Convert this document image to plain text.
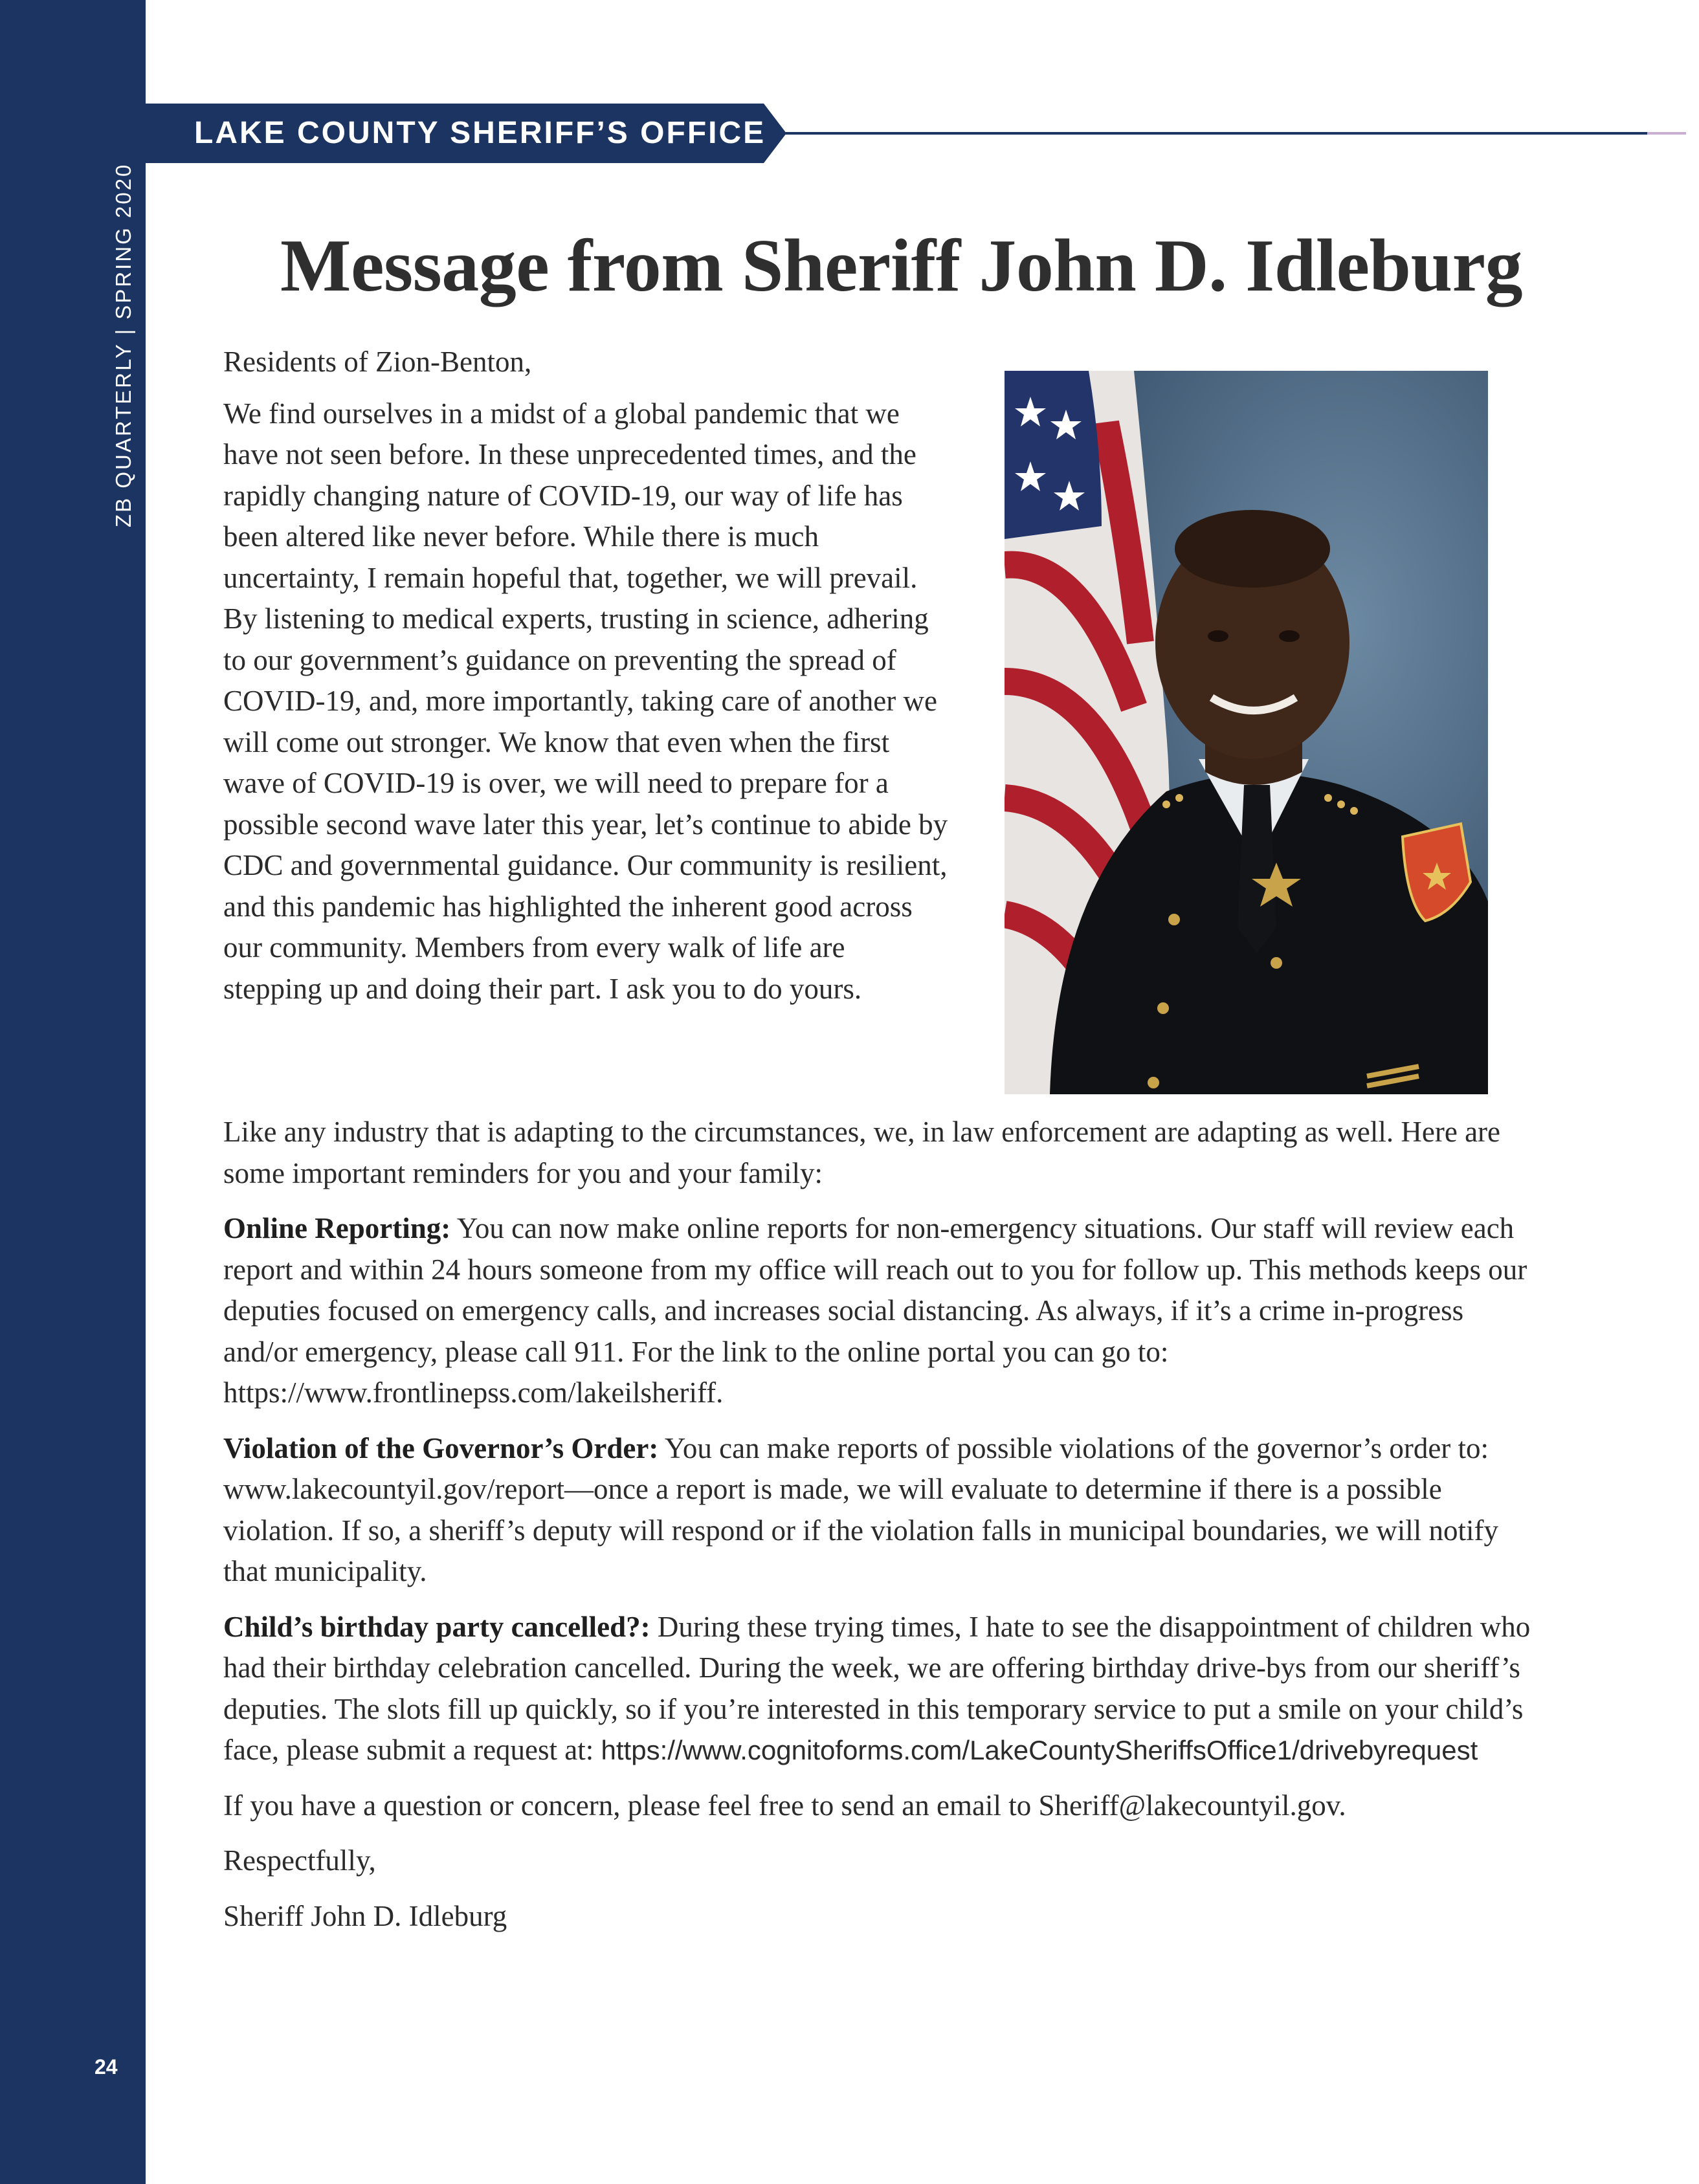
ZB QUARTERLY | SPRING 2020
24
LAKE COUNTY SHERIFF’S OFFICE
Message from Sheriff John D. Idleburg

Residents of Zion-Benton,

We find ourselves in a midst of a global pandemic that we have not seen before. In these unprecedented times, and the rapidly changing nature of COVID-19, our way of life has been altered like never before. While there is much uncertainty, I remain hopeful that, together, we will prevail. By listening to medical experts, trusting in science, adhering to our government’s guidance on preventing the spread of COVID-19, and, more importantly, taking care of another we will come out stronger. We know that even when the first wave of COVID-19 is over, we will need to prepare for a possible second wave later this year, let’s continue to abide by CDC and governmental guidance. Our community is resilient, and this pandemic has highlighted the inherent good across our community. Members from every walk of life are stepping up and doing their part. I ask you to do yours.

Like any industry that is adapting to the circumstances, we, in law enforcement are adapting as well. Here are some important reminders for you and your family:

Online Reporting: You can now make online reports for non-emergency situations. Our staff will review each report and within 24 hours someone from my office will reach out to you for follow up. This methods keeps our deputies focused on emergency calls, and increases social distancing. As always, if it’s a crime in-progress and/or emergency, please call 911. For the link to the online portal you can go to: https://www.frontlinepss.com/lakeilsheriff.

Violation of the Governor’s Order: You can make reports of possible violations of the governor’s order to: www.lakecountyil.gov/report—once a report is made, we will evaluate to determine if there is a possible violation. If so, a sheriff’s deputy will respond or if the violation falls in municipal boundaries, we will notify that municipality.

Child’s birthday party cancelled?: During these trying times, I hate to see the disappointment of children who had their birthday celebration cancelled. During the week, we are offering birthday drive-bys from our sheriff’s deputies. The slots fill up quickly, so if you’re interested in this temporary service to put a smile on your child’s face, please submit a request at: https://www.cognitoforms.com/LakeCountySheriffsOffice1/drivebyrequest

If you have a question or concern, please feel free to send an email to Sheriff@lakecountyil.gov.

Respectfully,

Sheriff John D. Idleburg
